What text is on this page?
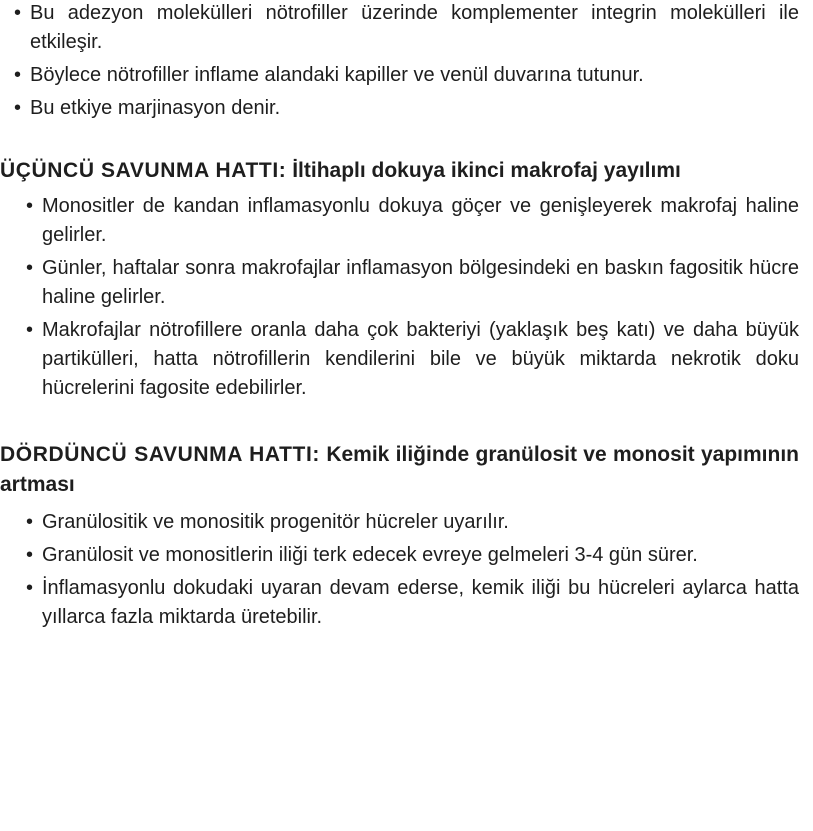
• Bu adezyon molekülleri nötrofiller üzerinde komplementer integrin molekülleri ile etkileşir.
• Böylece nötrofiller inflame alandaki kapiller ve venül duvarına tutunur.
• Bu etkiye marjinasyon denir.
ÜÇÜNCÜ SAVUNMA HATTI: İltihaplı dokuya ikinci makrofaj yayılımı
• Monositler de kandan inflamasyonlu dokuya göçer ve genişleyerek makrofaj haline gelirler.
• Günler, haftalar sonra makrofajlar inflamasyon bölgesindeki en baskın fagositik hücre haline gelirler.
• Makrofajlar nötrofillere oranla daha çok bakteriyi (yaklaşık beş katı) ve daha büyük partikülleri, hatta nötrofillerin kendilerini bile ve büyük miktarda nekrotik doku hücrelerini fagosite edebilirler.
DÖRDÜNCÜ SAVUNMA HATTI: Kemik iliğinde granülosit ve monosit yapımının artması
• Granülositik ve monositik progenitör hücreler uyarılır.
• Granülosit ve monositlerin iliği terk edecek evreye gelmeleri 3-4 gün sürer.
• İnflamasyonlu dokudaki uyaran devam ederse, kemik iliği bu hücreleri aylarca hatta yıllarca fazla miktarda üretebilir.
